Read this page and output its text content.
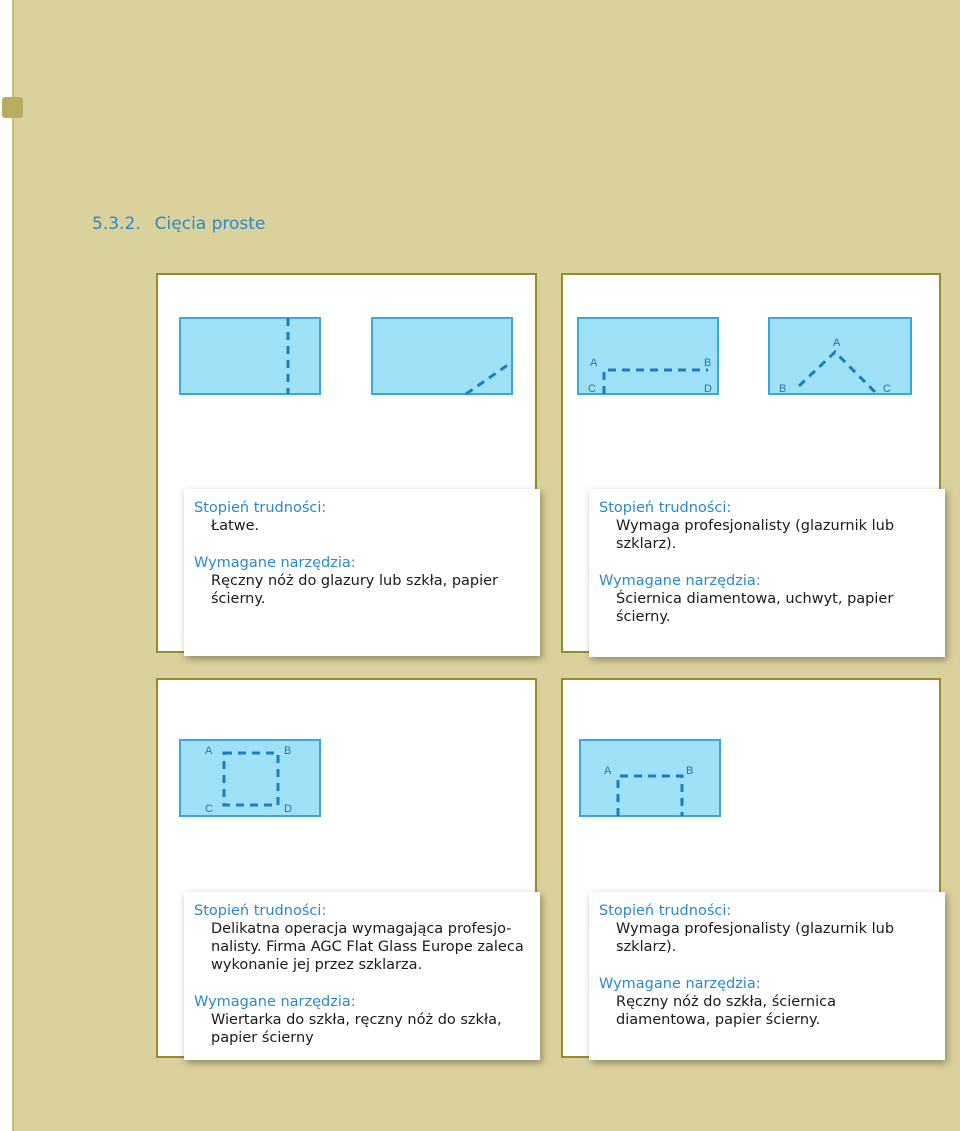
5.3.2. Cięcia proste
Stopień trudności:
Łatwe.
Wymagane narzędzia:
Ręczny nóż do glazury lub szkła, papier ścierny.
A	B
C	D
A
B	C
Stopień trudności:
Wymaga profesjonalisty (glazurnik lub szklarz).
Wymagane narzędzia:
Ściernica diamentowa, uchwyt, papier ścierny.
A	B
C	D
Stopień trudności:
Delikatna operacja wymagająca profesjo-nalisty. Firma AGC Flat Glass Europe zaleca wykonanie jej przez szklarza.
Wymagane narzędzia:
Wiertarka do szkła, ręczny nóż do szkła, papier ścierny
A	B
Stopień trudności:
Wymaga profesjonalisty (glazurnik lub szklarz).
Wymagane narzędzia:
Ręczny nóż do szkła, ściernica diamentowa, papier ścierny.
